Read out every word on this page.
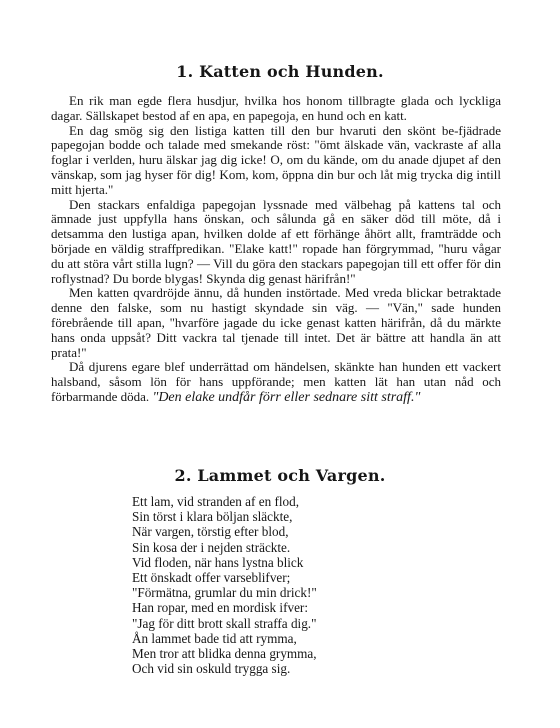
1. Katten och Hunden.

En rik man egde flera husdjur, hvilka hos honom tillbragte glada och lyckliga dagar. Sällskapet bestod af en apa, en papegoja, en hund och en katt.

En dag smög sig den listiga katten till den bur hvaruti den skönt be-fjädrade papegojan bodde och talade med smekande röst: "ömt älskade vän, vackraste af alla foglar i verlden, huru älskar jag dig icke! O, om du kände, om du anade djupet af den vänskap, som jag hyser för dig! Kom, kom, öppna din bur och låt mig trycka dig intill mitt hjerta."

Den stackars enfaldiga papegojan lyssnade med välbehag på kattens tal och ämnade just uppfylla hans önskan, och sålunda gå en säker död till möte, då i detsamma den lustiga apan, hvilken dolde af ett förhänge åhört allt, framträdde och började en väldig straffpredikan. "Elake katt!" ropade han förgrymmad, "huru vågar du att störa vårt stilla lugn? — Vill du göra den stackars papegojan till ett offer för din roflystnad? Du borde blygas! Skynda dig genast härifrån!"

Men katten qvardröjde ännu, då hunden instörtade. Med vreda blickar betraktade denne den falske, som nu hastigt skyndade sin väg. — "Vän," sade hunden förebrående till apan, "hvarföre jagade du icke genast katten härifrån, då du märkte hans onda uppsåt? Ditt vackra tal tjenade till intet. Det är bättre att handla än att prata!"

Då djurens egare blef underrättad om händelsen, skänkte han hunden ett vackert halsband, såsom lön för hans uppförande; men katten lät han utan nåd och förbarmande döda. "Den elake undfår förr eller sednare sitt straff."

2. Lammet och Vargen.
Ett lam, vid stranden af en flod,
Sin törst i klara böljan släckte,
När vargen, törstig efter blod,
Sin kosa der i nejden sträckte.
Vid floden, när hans lystna blick
Ett önskadt offer varseblifver;
"Förmätna, grumlar du min drick!"
Han ropar, med en mordisk ifver:
"Jag för ditt brott skall straffa dig."
Ån lammet bade tid att rymma,
Men tror att blidka denna grymma,
Och vid sin oskuld trygga sig.
